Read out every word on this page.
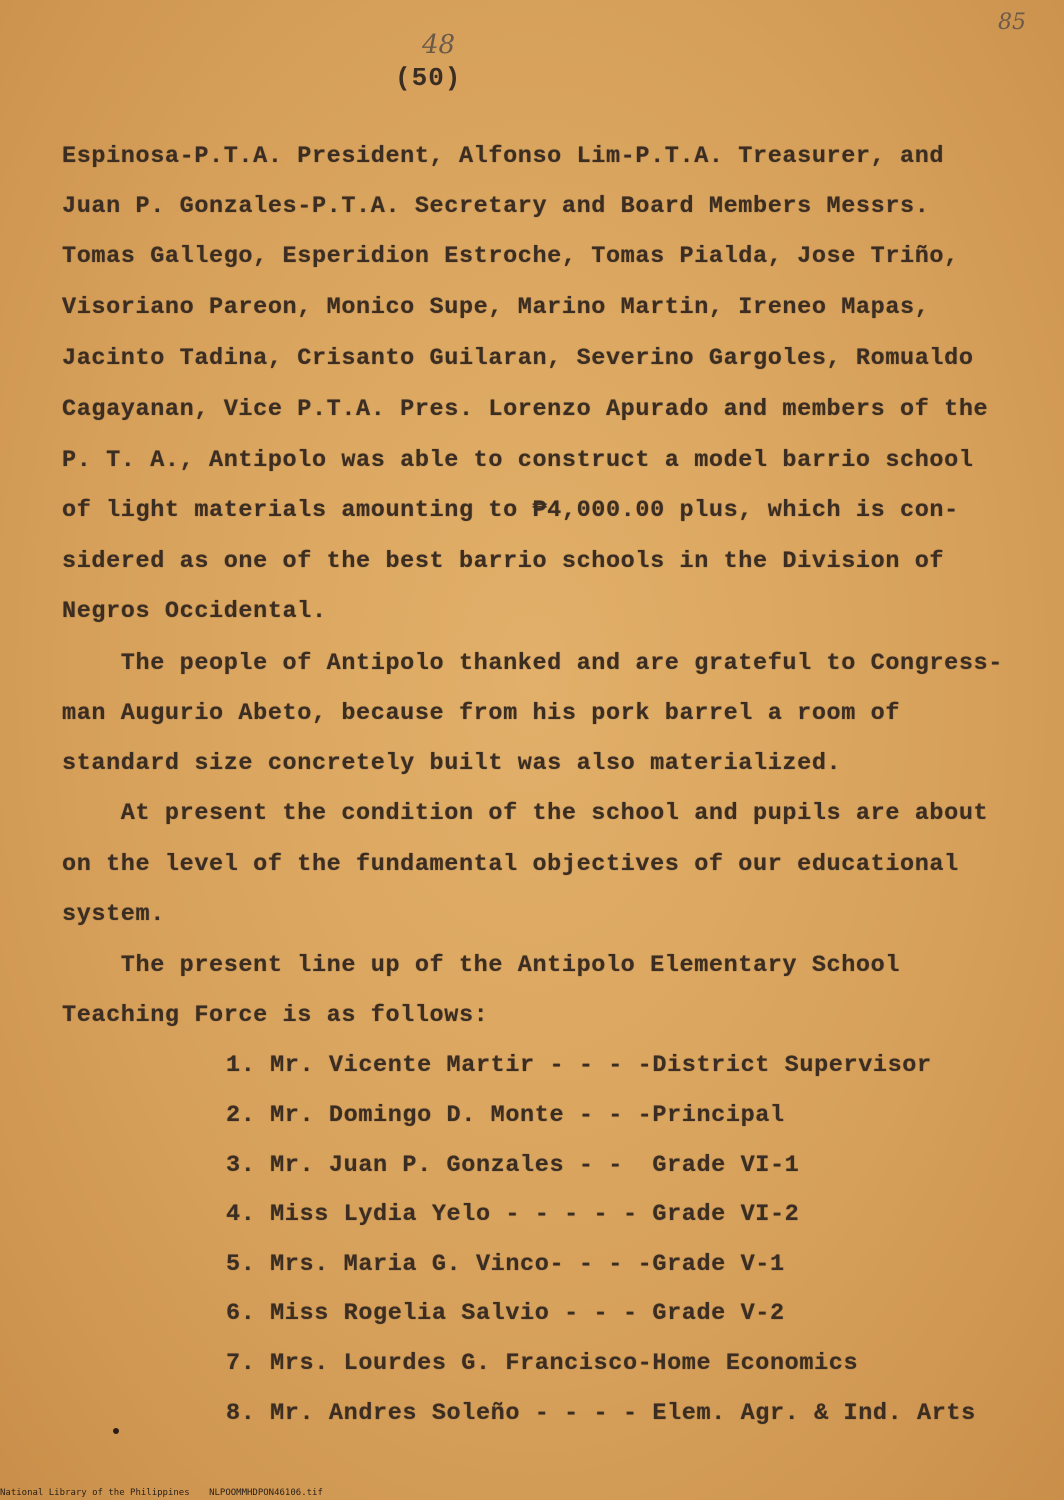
85
48
(50)
Espinosa-P.T.A. President, Alfonso Lim-P.T.A. Treasurer, and
Juan P. Gonzales-P.T.A. Secretary and Board Members Messrs.
Tomas Gallego, Esperidion Estroche, Tomas Pialda, Jose Triño,
Visoriano Pareon, Monico Supe, Marino Martin, Ireneo Mapas,
Jacinto Tadina, Crisanto Guilaran, Severino Gargoles, Romualdo
Cagayanan, Vice P.T.A. Pres. Lorenzo Apurado and members of the
P. T. A., Antipolo was able to construct a model barrio school
of light materials amounting to ₱4,000.00 plus, which is con-
sidered as one of the best barrio schools in the Division of
Negros Occidental.
The people of Antipolo thanked and are grateful to Congress-
man Augurio Abeto, because from his pork barrel a room of
standard size concretely built was also materialized.
At present the condition of the school and pupils are about
on the level of the fundamental objectives of our educational
system.
The present line up of the Antipolo Elementary School
Teaching Force is as follows:
1. Mr. Vicente Martir - - - -District Supervisor
2. Mr. Domingo D. Monte - - -Principal
3. Mr. Juan P. Gonzales - -  Grade VI-1
4. Miss Lydia Yelo - - - - - Grade VI-2
5. Mrs. Maria G. Vinco- - - -Grade V-1
6. Miss Rogelia Salvio - - - Grade V-2
7. Mrs. Lourdes G. Francisco-Home Economics
8. Mr. Andres Soleño - - - - Elem. Agr. & Ind. Arts
National Library of the Philippines NLPOOMMHDPON46106.tif
